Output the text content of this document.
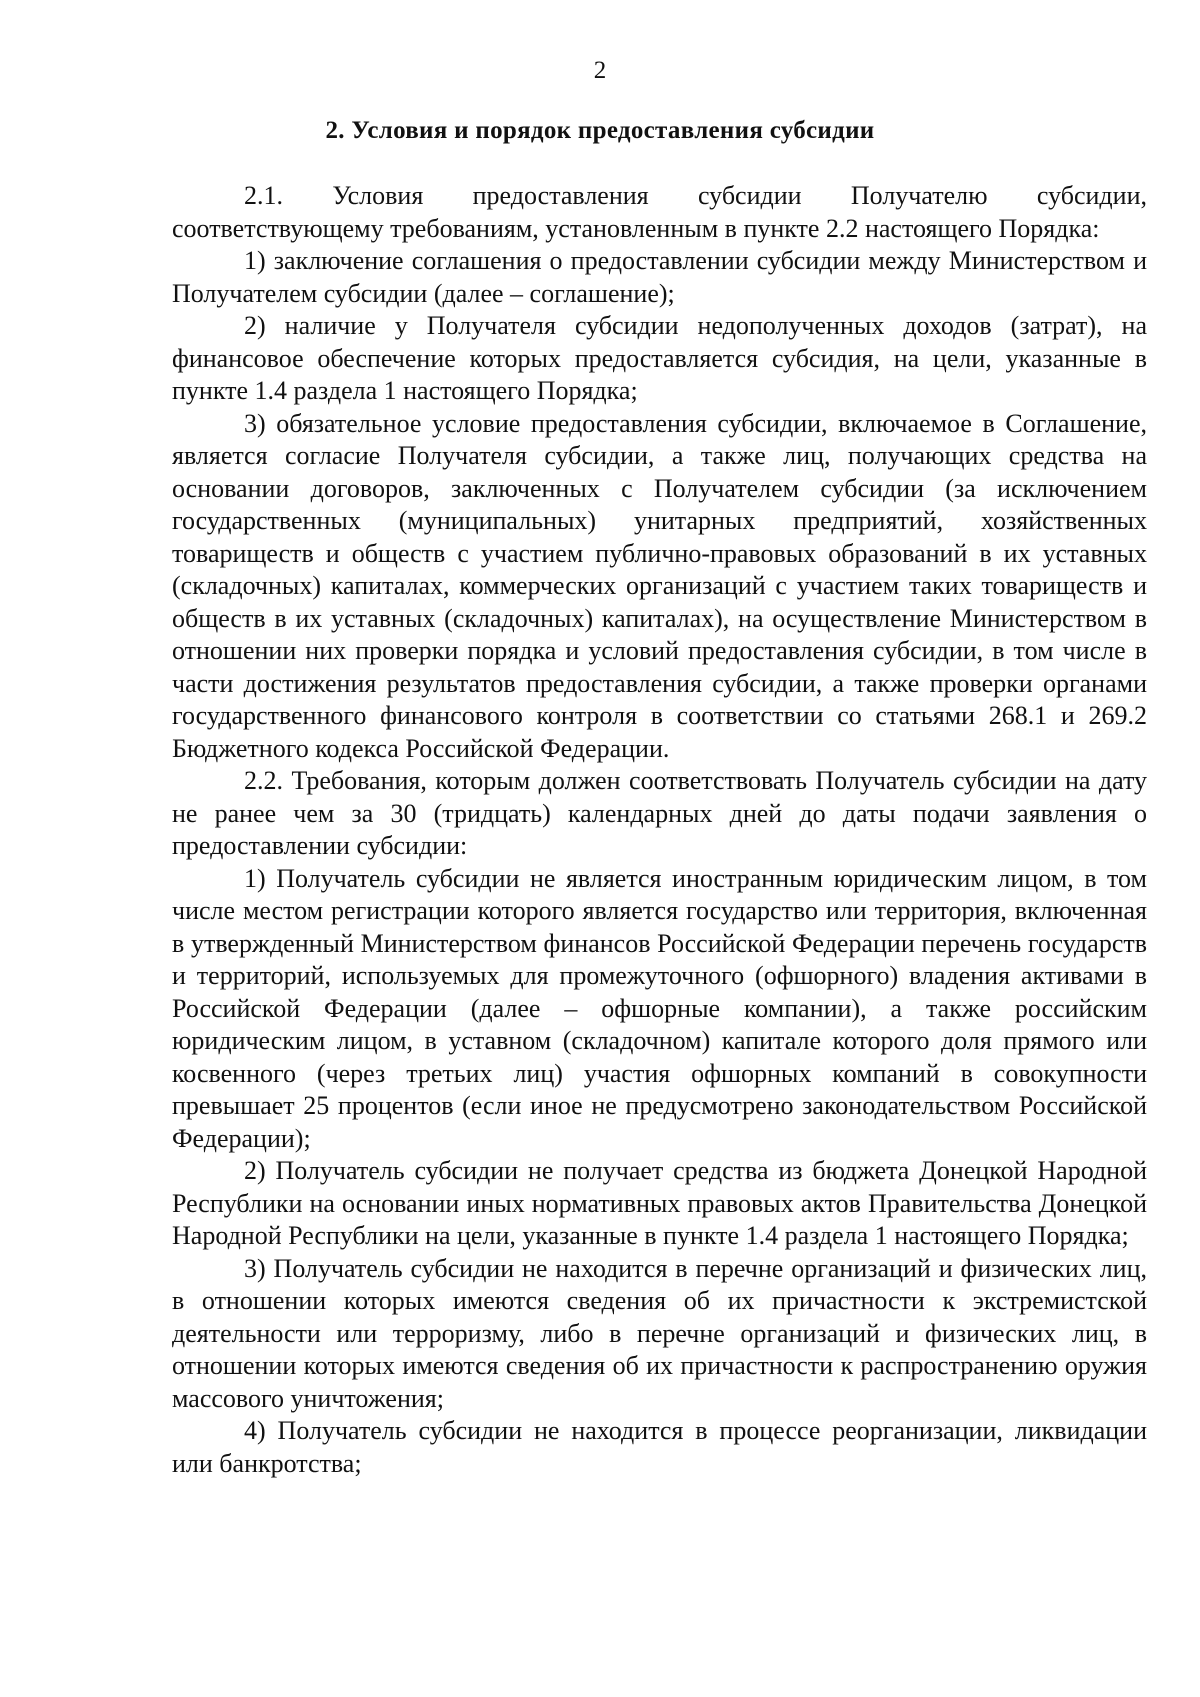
2
2. Условия и порядок предоставления субсидии

2.1. Условия предоставления субсидии Получателю субсидии, соответствующему требованиям, установленным в пункте 2.2 настоящего Порядка:

1) заключение соглашения о предоставлении субсидии между Министерством и Получателем субсидии (далее – соглашение);

2) наличие у Получателя субсидии недополученных доходов (затрат), на финансовое обеспечение которых предоставляется субсидия, на цели, указанные в пункте 1.4 раздела 1 настоящего Порядка;

3) обязательное условие предоставления субсидии, включаемое в Соглашение, является согласие Получателя субсидии, а также лиц, получающих средства на основании договоров, заключенных с Получателем субсидии (за исключением государственных (муниципальных) унитарных предприятий, хозяйственных товариществ и обществ с участием публично-правовых образований в их уставных (складочных) капиталах, коммерческих организаций с участием таких товариществ и обществ в их уставных (складочных) капиталах), на осуществление Министерством в отношении них проверки порядка и условий предоставления субсидии, в том числе в части достижения результатов предоставления субсидии, а также проверки органами государственного финансового контроля в соответствии со статьями 268.1 и 269.2 Бюджетного кодекса Российской Федерации.

2.2. Требования, которым должен соответствовать Получатель субсидии на дату не ранее чем за 30 (тридцать) календарных дней до даты подачи заявления о предоставлении субсидии:

1) Получатель субсидии не является иностранным юридическим лицом, в том числе местом регистрации которого является государство или территория, включенная в утвержденный Министерством финансов Российской Федерации перечень государств и территорий, используемых для промежуточного (офшорного) владения активами в Российской Федерации (далее – офшорные компании), а также российским юридическим лицом, в уставном (складочном) капитале которого доля прямого или косвенного (через третьих лиц) участия офшорных компаний в совокупности превышает 25 процентов (если иное не предусмотрено законодательством Российской Федерации);

2) Получатель субсидии не получает средства из бюджета Донецкой Народной Республики на основании иных нормативных правовых актов Правительства Донецкой Народной Республики на цели, указанные в пункте 1.4 раздела 1 настоящего Порядка;

3) Получатель субсидии не находится в перечне организаций и физических лиц, в отношении которых имеются сведения об их причастности к экстремистской деятельности или терроризму, либо в перечне организаций и физических лиц, в отношении которых имеются сведения об их причастности к распространению оружия массового уничтожения;

4) Получатель субсидии не находится в процессе реорганизации, ликвидации или банкротства;
